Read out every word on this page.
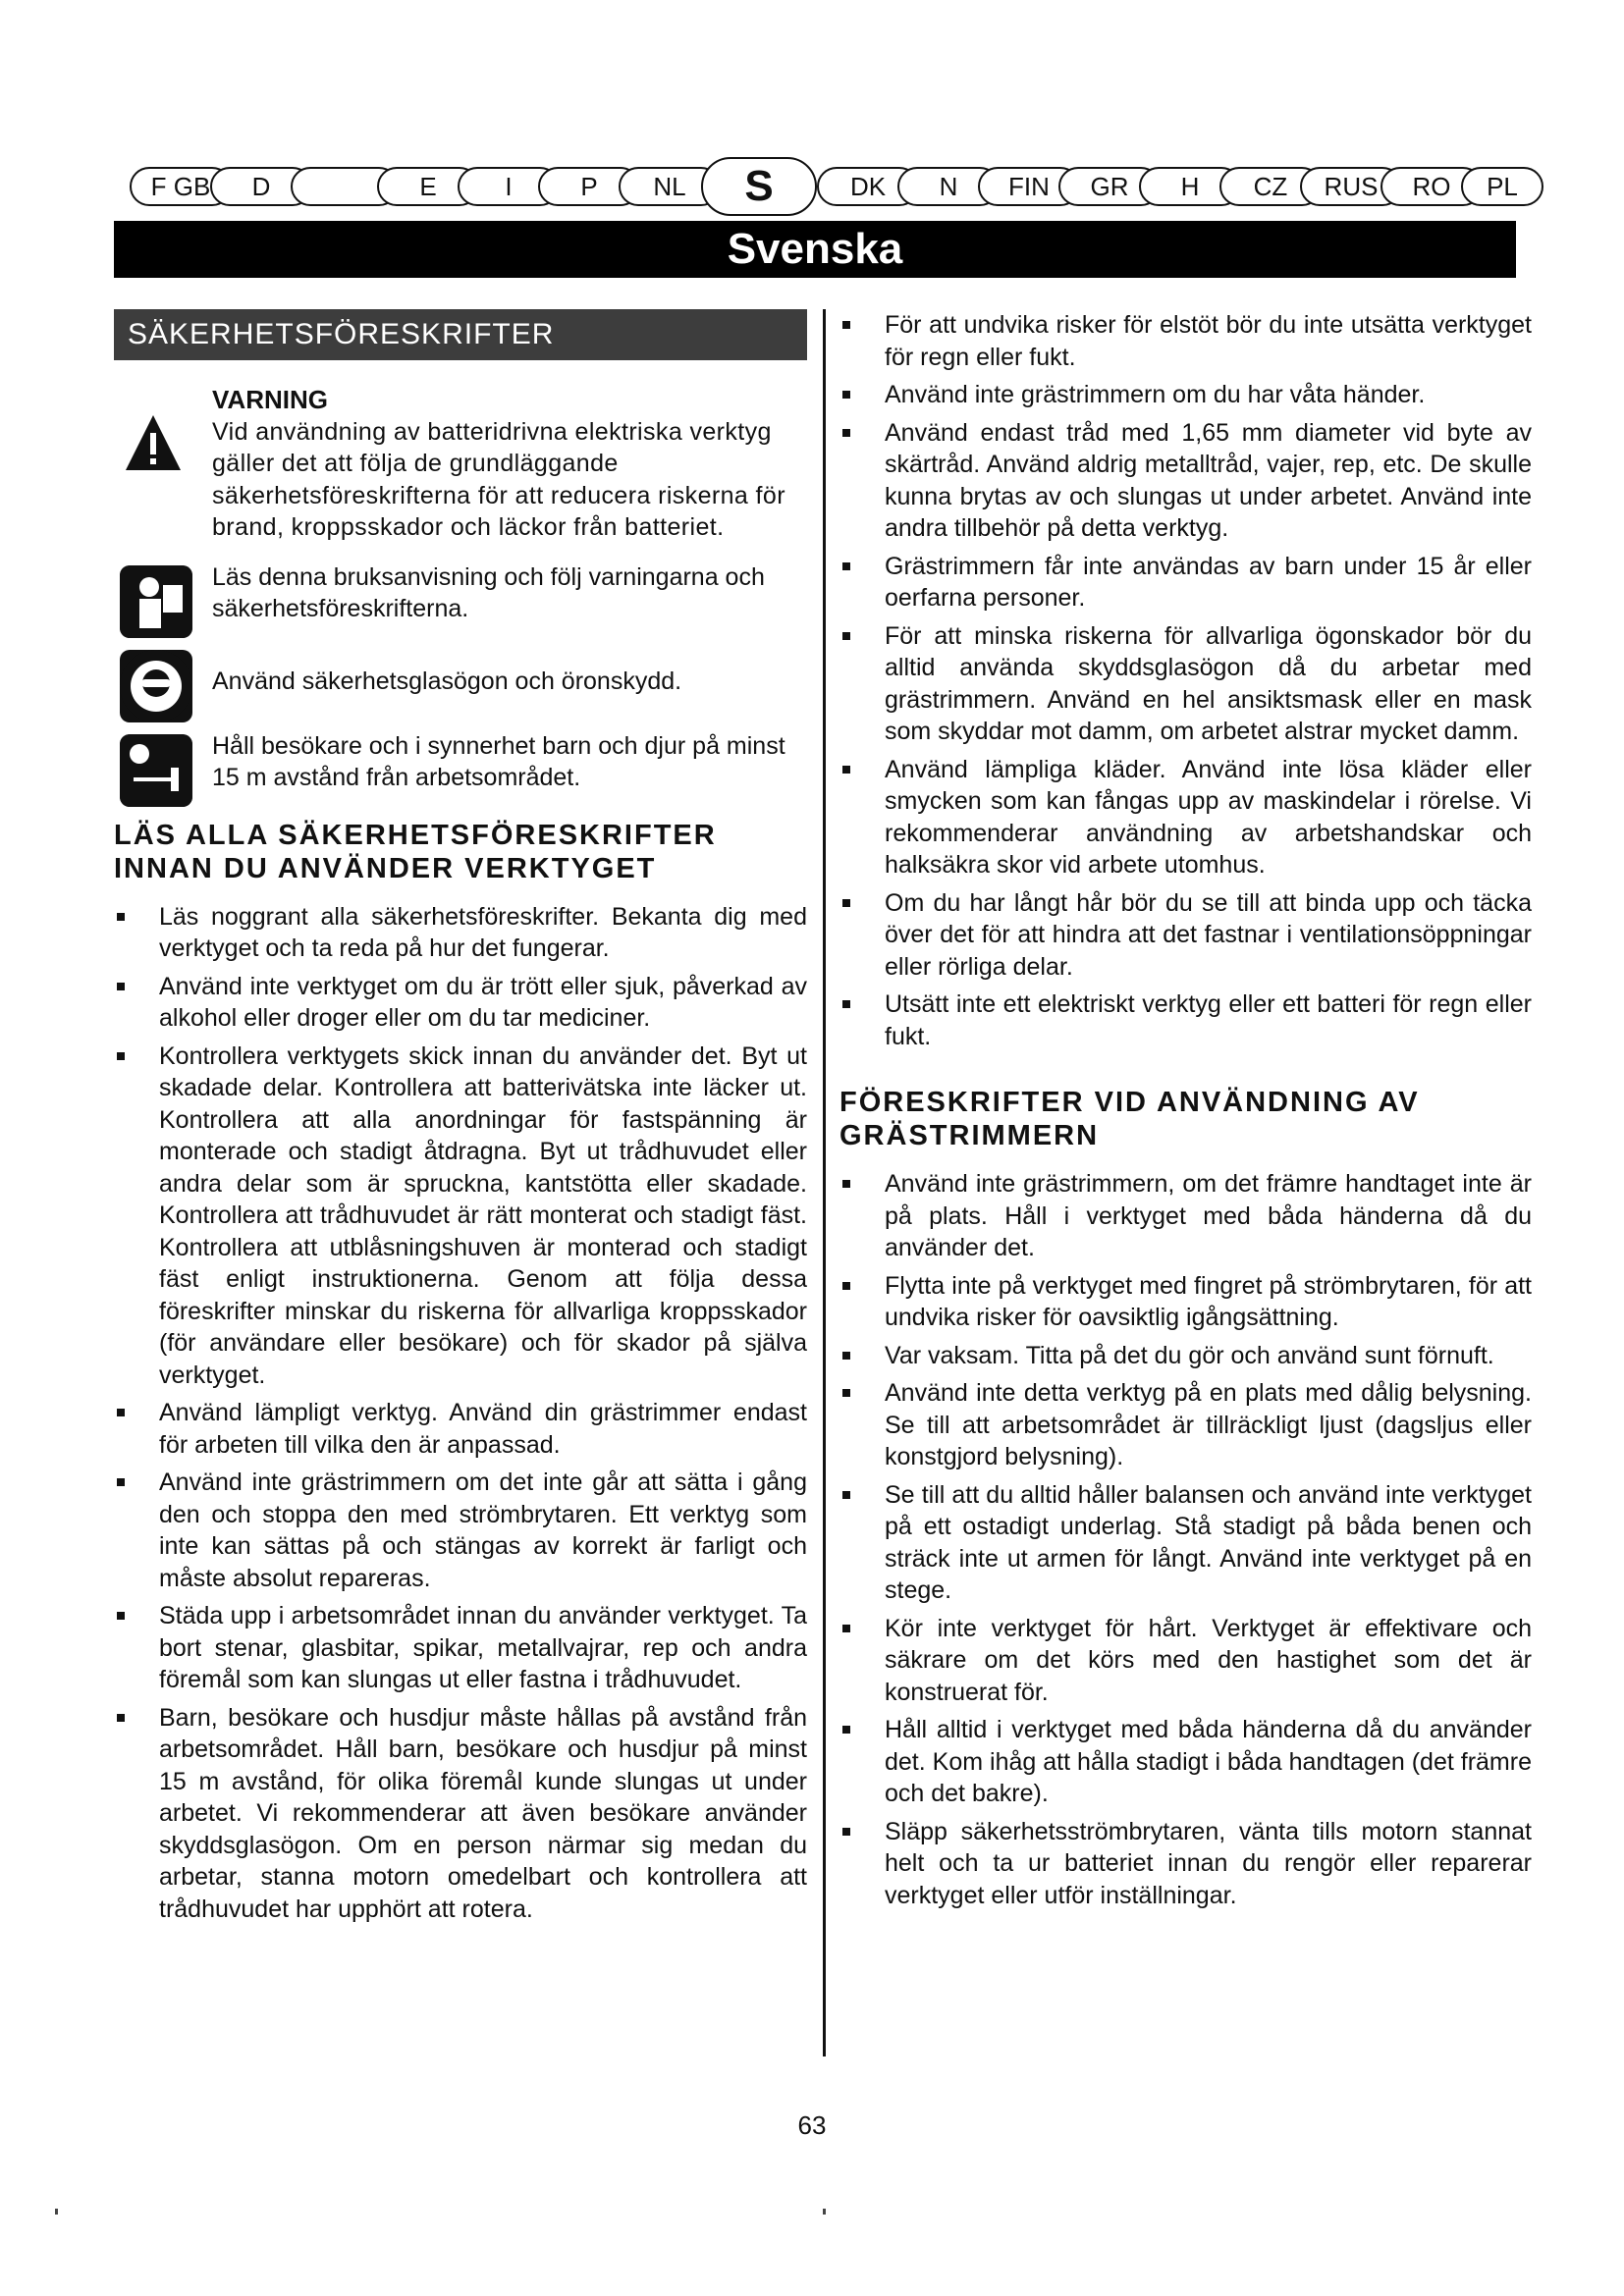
F GB D	E	I	P NL S	DK N FIN GR H CZ RUS RO PL
Svenska
SÄKERHETSFÖRESKRIFTER
VARNING

Vid användning av batteridrivna elektriska verktyg gäller det att följa de grundläggande säkerhetsföreskrifterna för att reducera riskerna för brand, kroppsskador och läckor från batteriet.

Läs denna bruksanvisning och följ varningarna och säkerhetsföreskrifterna.

Använd säkerhetsglasögon och öronskydd.

Håll besökare och i synnerhet barn och djur på minst 15 m avstånd från arbetsområdet.

LÄS ALLA SÄKERHETSFÖRESKRIFTER INNAN DU ANVÄNDER VERKTYGET
Läs noggrant alla säkerhetsföreskrifter. Bekanta dig med verktyget och ta reda på hur det fungerar.
Använd inte verktyget om du är trött eller sjuk, påverkad av alkohol eller droger eller om du tar mediciner.
Kontrollera verktygets skick innan du använder det. Byt ut skadade delar. Kontrollera att batterivätska inte läcker ut. Kontrollera att alla anordningar för fastspänning är monterade och stadigt åtdragna. Byt ut trådhuvudet eller andra delar som är spruckna, kantstötta eller skadade. Kontrollera att trådhuvudet är rätt monterat och stadigt fäst. Kontrollera att utblåsningshuven är monterad och stadigt fäst enligt instruktionerna. Genom att följa dessa föreskrifter minskar du riskerna för allvarliga kroppsskador (för användare eller besökare) och för skador på själva verktyget.
Använd lämpligt verktyg. Använd din grästrimmer endast för arbeten till vilka den är anpassad.
Använd inte grästrimmern om det inte går att sätta i gång den och stoppa den med strömbrytaren. Ett verktyg som inte kan sättas på och stängas av korrekt är farligt och måste absolut repareras.
Städa upp i arbetsområdet innan du använder verktyget. Ta bort stenar, glasbitar, spikar, metallvajrar, rep och andra föremål som kan slungas ut eller fastna i trådhuvudet.
Barn, besökare och husdjur måste hållas på avstånd från arbetsområdet. Håll barn, besökare och husdjur på minst 15 m avstånd, för olika föremål kunde slungas ut under arbetet. Vi rekommenderar att även besökare använder skyddsglasögon. Om en person närmar sig medan du arbetar, stanna motorn omedelbart och kontrollera att trådhuvudet har upphört att rotera.
För att undvika risker för elstöt bör du inte utsätta verktyget för regn eller fukt.
Använd inte grästrimmern om du har våta händer.
Använd endast tråd med 1,65 mm diameter vid byte av skärtråd. Använd aldrig metalltråd, vajer, rep, etc. De skulle kunna brytas av och slungas ut under arbetet. Använd inte andra tillbehör på detta verktyg.
Grästrimmern får inte användas av barn under 15 år eller oerfarna personer.
För att minska riskerna för allvarliga ögonskador bör du alltid använda skyddsglasögon då du arbetar med grästrimmern. Använd en hel ansiktsmask eller en mask som skyddar mot damm, om arbetet alstrar mycket damm.
Använd lämpliga kläder. Använd inte lösa kläder eller smycken som kan fångas upp av maskindelar i rörelse. Vi rekommenderar användning av arbetshandskar och halksäkra skor vid arbete utomhus.
Om du har långt hår bör du se till att binda upp och täcka över det för att hindra att det fastnar i ventilationsöppningar eller rörliga delar.
Utsätt inte ett elektriskt verktyg eller ett batteri för regn eller fukt.
FÖRESKRIFTER VID ANVÄNDNING AV GRÄSTRIMMERN
Använd inte grästrimmern, om det främre handtaget inte är på plats. Håll i verktyget med båda händerna då du använder det.
Flytta inte på verktyget med fingret på strömbrytaren, för att undvika risker för oavsiktlig igångsättning.
Var vaksam. Titta på det du gör och använd sunt förnuft.
Använd inte detta verktyg på en plats med dålig belysning. Se till att arbetsområdet är tillräckligt ljust (dagsljus eller konstgjord belysning).
Se till att du alltid håller balansen och använd inte verktyget på ett ostadigt underlag. Stå stadigt på båda benen och sträck inte ut armen för långt. Använd inte verktyget på en stege.
Kör inte verktyget för hårt. Verktyget är effektivare och säkrare om det körs med den hastighet som det är konstruerat för.
Håll alltid i verktyget med båda händerna då du använder det. Kom ihåg att hålla stadigt i båda handtagen (det främre och det bakre).
Släpp säkerhetsströmbrytaren, vänta tills motorn stannat helt och ta ur batteriet innan du rengör eller reparerar verktyget eller utför inställningar.
63
